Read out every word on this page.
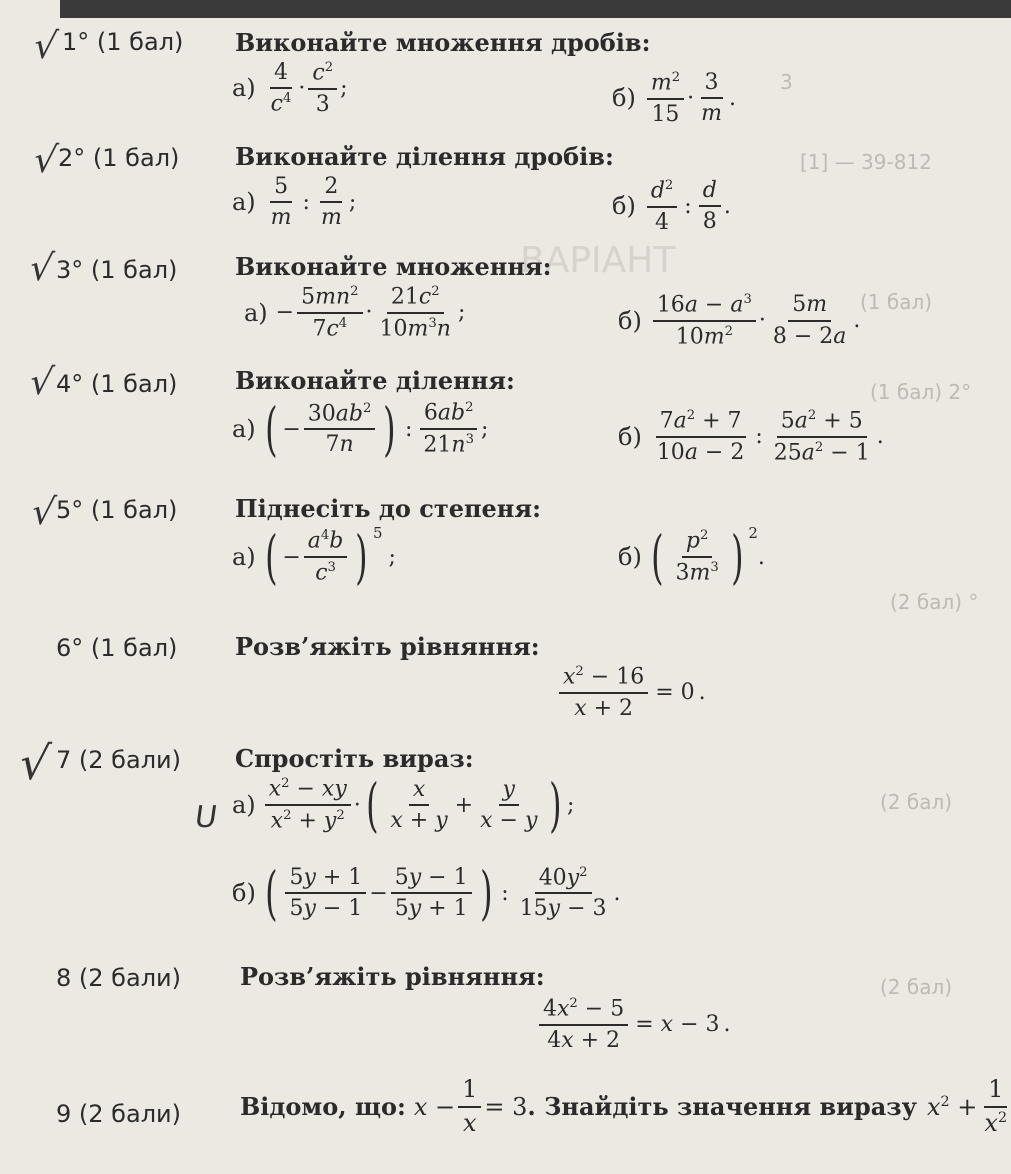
3
[1] — 39-812
ВАРІАНТ
(1 бал)
(1 бал) 2°
(2 бал) °
(2 бал)
(2 бал)
√
√
√
√
√
√
U
1° (1 бал) Виконайте множення дробів:
$а) \frac{4}{c^4} \cdot \frac{c^2}{3}$ ;	$б) \frac{m^2}{15} \cdot \frac{3}{m}$ .
2° (1 бал) Виконайте ділення дробів:
$а) \frac{5}{m}$ : $\frac{2}{m}$ ;	$б) \frac{d^2}{4}$ : $\frac{d}{8}$ .
3° (1 бал) Виконайте множення:
$а) - \frac{5mn^2}{7c^4} \cdot \frac{21c^2}{10m^3n}$ ;	$б) \frac{16a - a^3}{10m^2} \cdot \frac{5m}{8 - 2a}$ .
4° (1 бал) Виконайте ділення:
а) ( − $\frac{30ab^2}{7n}$ ) : $\frac{6ab^2}{21n^3}$ ;	$б) \frac{7a^2 + 7}{10a - 2}$ : $\frac{5a^2 + 5}{25a^2 - 1}$ .
5° (1 бал) Піднесіть до степеня:
а) ( − $\frac{a^4b}{c^3}$ ) 5
;	б) ( $\frac{p^2}{3m^3}$ ) 2
.
6° (1 бал) Розв’яжіть рівняння:
$\frac{x^2 - 16}{x + 2} = 0$ .
7 (2 бали) Спростіть вираз:
$а) \frac{x^2 - xy}{x^2 + y^2}$ · ( $\frac{x}{x + y} + \frac{y}{x - y}$ ) ;
б) ( $\frac{5y + 1}{5y - 1} - \frac{5y - 1}{5y + 1}$ ) : $\frac{40y^2}{15y - 3}$ .
8 (2 бали) Розв’яжіть рівняння:
$\frac{4x^2 - 5}{4x + 2} = x - 3$ .
9 (2 бали) Відомо, що: $x - \frac{1}{x} = 3$ . Знайдіть значення виразу $x^2 + \frac{1}{x^2}$
